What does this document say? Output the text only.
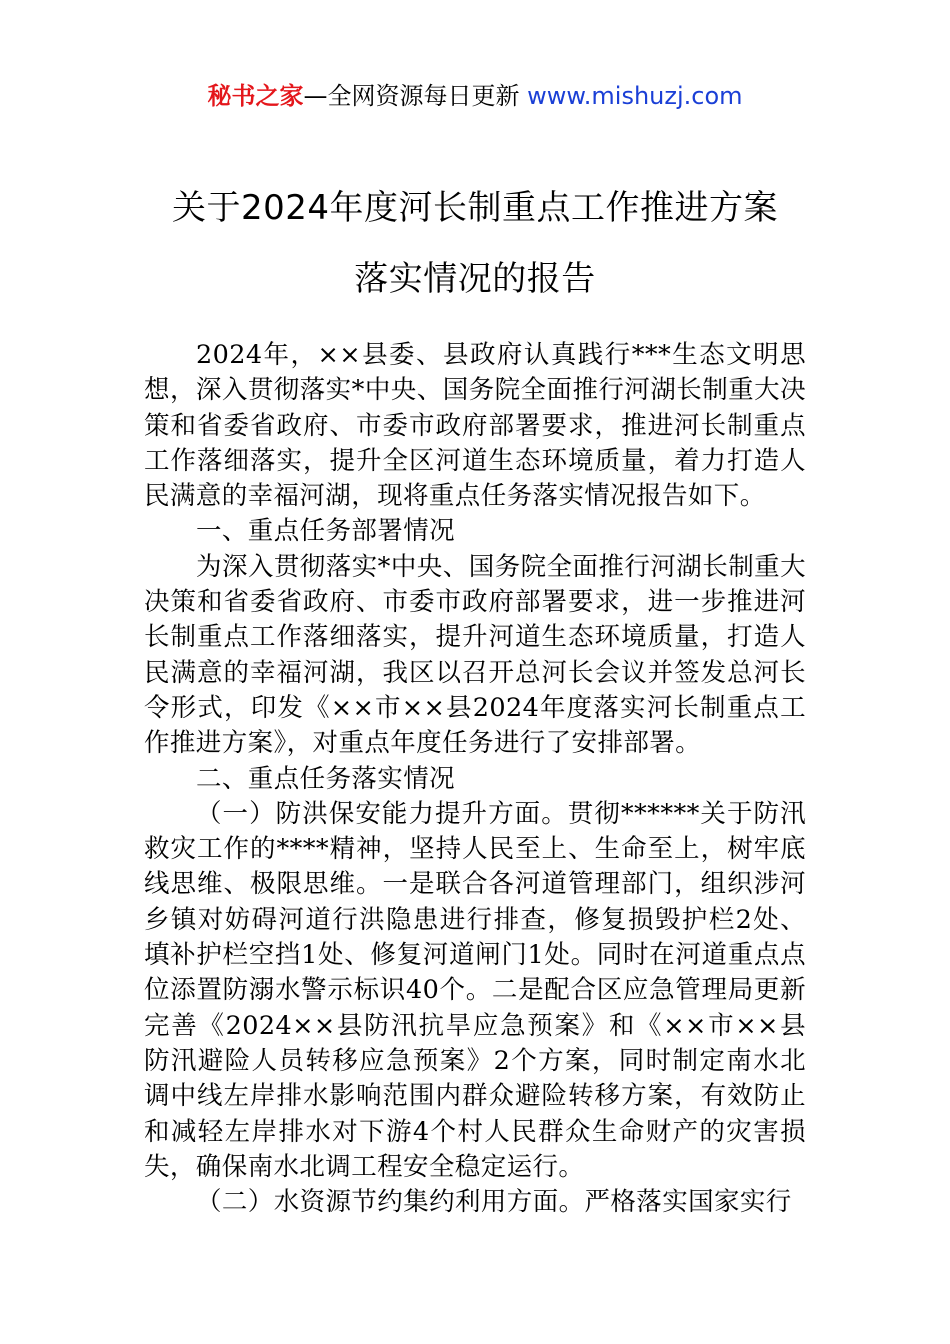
秘书之家—全网资源每日更新 www.mishuzj.com
关于2024年度河长制重点工作推进方案
落实情况的报告

2024年，××县委、县政府认真践行***生态文明思想，深入贯彻落实*中央、国务院全面推行河湖长制重大决策和省委省政府、市委市政府部署要求，推进河长制重点工作落细落实，提升全区河道生态环境质量，着力打造人民满意的幸福河湖，现将重点任务落实情况报告如下。

一、重点任务部署情况

为深入贯彻落实*中央、国务院全面推行河湖长制重大决策和省委省政府、市委市政府部署要求，进一步推进河长制重点工作落细落实，提升河道生态环境质量，打造人民满意的幸福河湖，我区以召开总河长会议并签发总河长令形式，印发《××市××县2024年度落实河长制重点工作推进方案》，对重点年度任务进行了安排部署。

二、重点任务落实情况

（一）防洪保安能力提升方面。贯彻******关于防汛救灾工作的****精神，坚持人民至上、生命至上，树牢底线思维、极限思维。一是联合各河道管理部门，组织涉河乡镇对妨碍河道行洪隐患进行排查，修复损毁护栏2处、填补护栏空挡1处、修复河道闸门1处。同时在河道重点点位添置防溺水警示标识40个。二是配合区应急管理局更新完善《2024××县防汛抗旱应急预案》和《××市××县防汛避险人员转移应急预案》2个方案，同时制定南水北调中线左岸排水影响范围内群众避险转移方案，有效防止和减轻左岸排水对下游4个村人民群众生命财产的灾害损失，确保南水北调工程安全稳定运行。

（二）水资源节约集约利用方面。严格落实国家实行
